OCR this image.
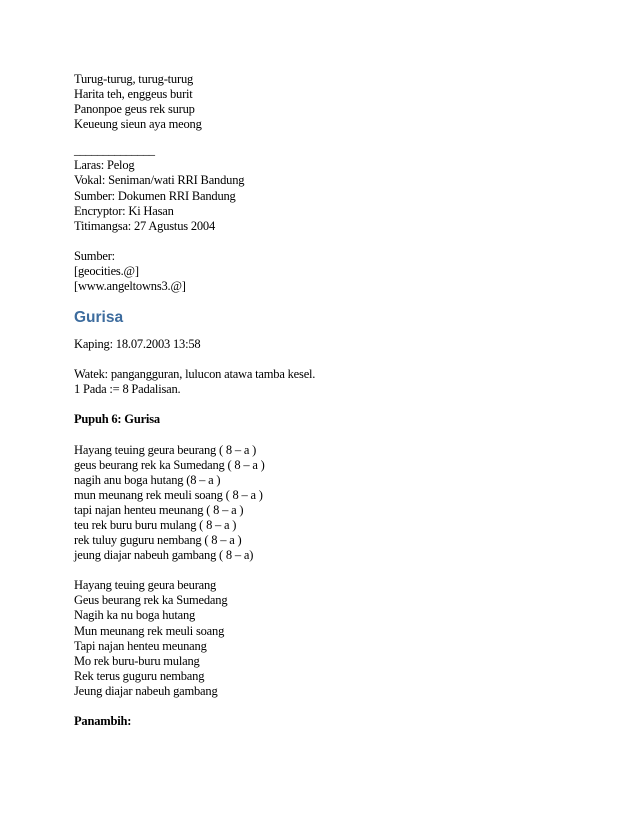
Turug-turug, turug-turug
Harita teh, enggeus burit
Panonpoe geus rek surup
Keueung sieun aya meong
______________
Laras: Pelog
Vokal: Seniman/wati RRI Bandung
Sumber: Dokumen RRI Bandung
Encryptor: Ki Hasan
Titimangsa: 27 Agustus 2004
Sumber:
[geocities.@]
[www.angeltowns3.@]
Gurisa
Kaping: 18.07.2003 13:58
Watek: pangangguran, lulucon atawa tamba kesel.
1 Pada := 8 Padalisan.
Pupuh 6: Gurisa
Hayang teuing geura beurang ( 8 – a )
geus beurang rek ka Sumedang ( 8 – a )
nagih anu boga hutang (8 – a )
mun meunang rek meuli soang ( 8 – a )
tapi najan henteu meunang ( 8 – a )
teu rek buru buru mulang ( 8 – a )
rek tuluy guguru nembang ( 8 – a )
jeung diajar nabeuh gambang ( 8 – a)
Hayang teuing geura beurang
Geus beurang rek ka Sumedang
Nagih ka nu boga hutang
Mun meunang rek meuli soang
Tapi najan henteu meunang
Mo rek buru-buru mulang
Rek terus guguru nembang
Jeung diajar nabeuh gambang
Panambih:
